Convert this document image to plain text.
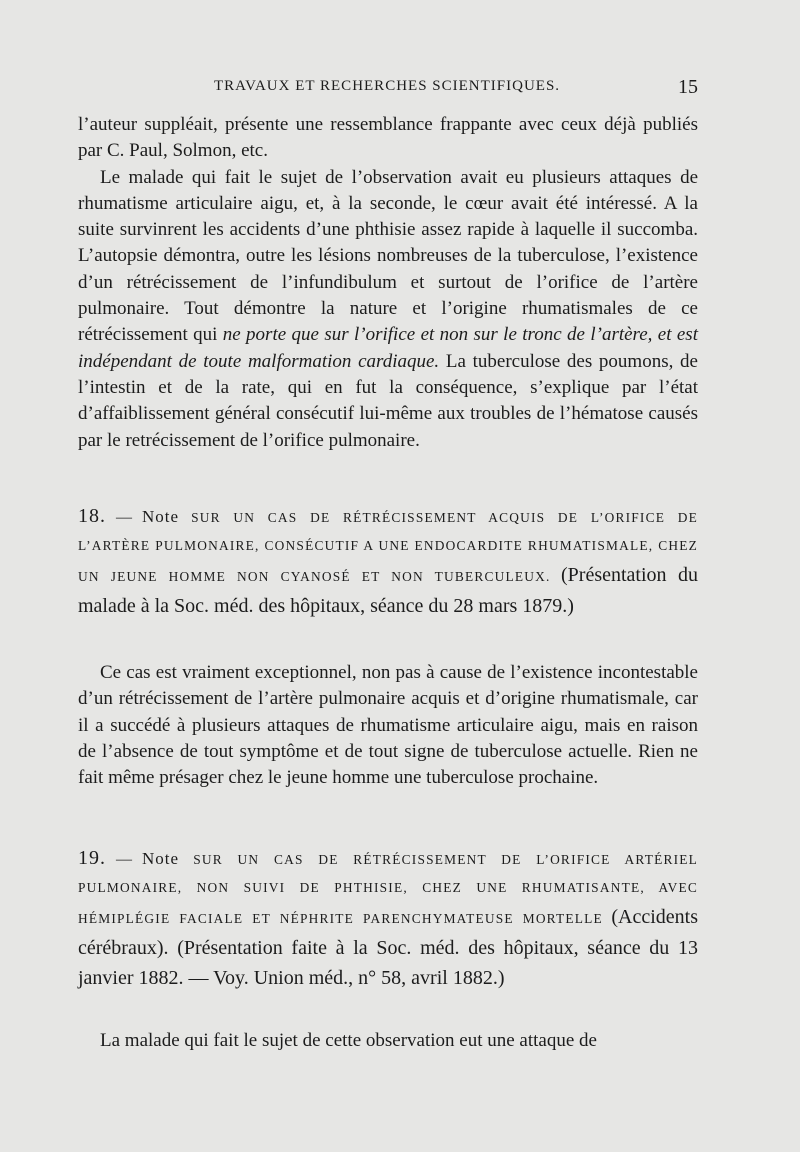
TRAVAUX ET RECHERCHES SCIENTIFIQUES.	15

l’auteur suppléait, présente une ressemblance frappante avec ceux déjà publiés par C. Paul, Solmon, etc.

Le malade qui fait le sujet de l’observation avait eu plusieurs attaques de rhumatisme articulaire aigu, et, à la seconde, le cœur avait été intéressé. A la suite survinrent les accidents d’une phthisie assez rapide à laquelle il succomba. L’autopsie démontra, outre les lésions nombreuses de la tuberculose, l’existence d’un rétrécissement de l’infundibulum et surtout de l’orifice de l’artère pulmonaire. Tout démontre la nature et l’origine rhumatismales de ce rétrécissement qui ne porte que sur l’orifice et non sur le tronc de l’artère, et est indépendant de toute malformation cardiaque. La tuberculose des poumons, de l’intestin et de la rate, qui en fut la conséquence, s’explique par l’état d’affaiblissement général consécutif lui-même aux troubles de l’hématose causés par le retrécissement de l’orifice pulmonaire.

18. — Note SUR UN CAS DE RÉTRÉCISSEMENT ACQUIS DE L’ORIFICE DE L’ARTÈRE PULMONAIRE, CONSÉCUTIF A UNE ENDOCARDITE RHUMATISMALE, CHEZ UN JEUNE HOMME NON CYANOSÉ ET NON TUBERCULEUX. (Présentation du malade à la Soc. méd. des hôpitaux, séance du 28 mars 1879.)

Ce cas est vraiment exceptionnel, non pas à cause de l’existence incontestable d’un rétrécissement de l’artère pulmonaire acquis et d’origine rhumatismale, car il a succédé à plusieurs attaques de rhumatisme articulaire aigu, mais en raison de l’absence de tout symptôme et de tout signe de tuberculose actuelle. Rien ne fait même présager chez le jeune homme une tuberculose prochaine.

19. — Note SUR UN CAS DE RÉTRÉCISSEMENT DE L’ORIFICE ARTÉRIEL PULMONAIRE, NON SUIVI DE PHTHISIE, CHEZ UNE RHUMATISANTE, AVEC HÉMIPLÉGIE FACIALE ET NÉPHRITE PARENCHYMATEUSE MORTELLE (Accidents cérébraux). (Présentation faite à la Soc. méd. des hôpitaux, séance du 13 janvier 1882. — Voy. Union méd., n° 58, avril 1882.)

La malade qui fait le sujet de cette observation eut une attaque de
